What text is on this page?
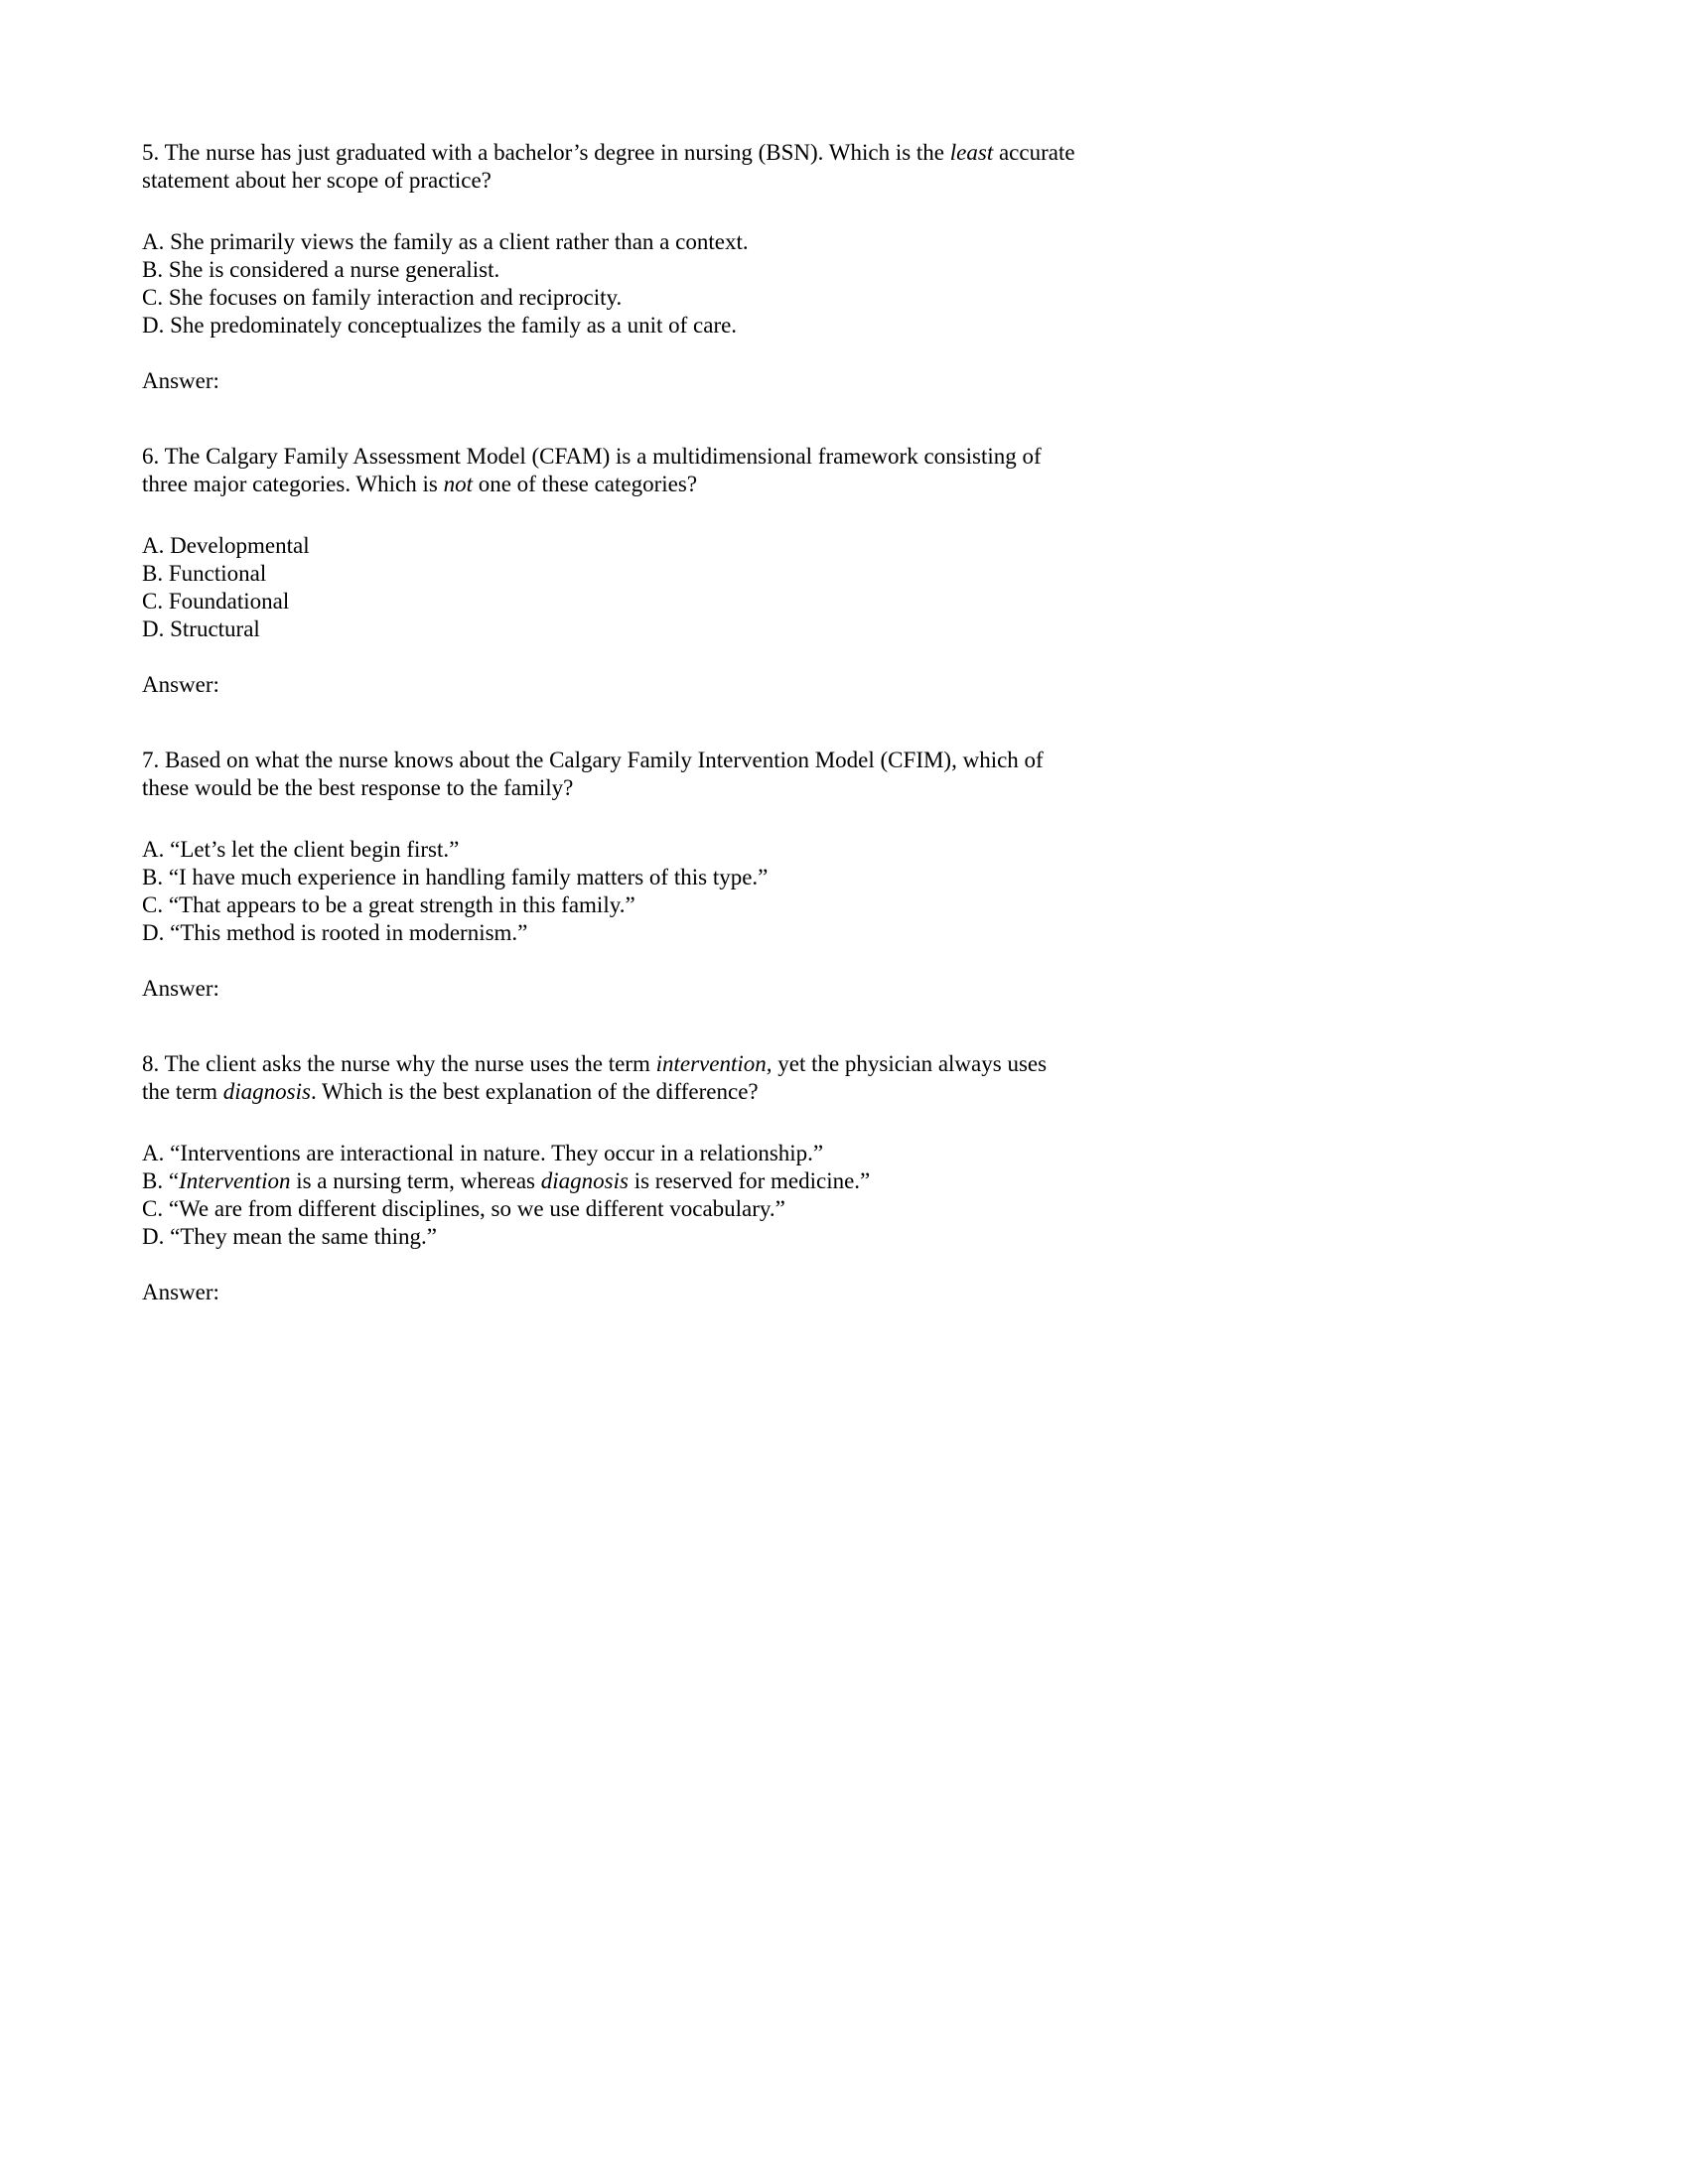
5. The nurse has just graduated with a bachelor’s degree in nursing (BSN). Which is the least accurate statement about her scope of practice?

A. She primarily views the family as a client rather than a context.

B. She is considered a nurse generalist.

C. She focuses on family interaction and reciprocity.

D. She predominately conceptualizes the family as a unit of care.

Answer:

6. The Calgary Family Assessment Model (CFAM) is a multidimensional framework consisting of three major categories. Which is not one of these categories?

A. Developmental

B. Functional

C. Foundational

D. Structural

Answer:

7. Based on what the nurse knows about the Calgary Family Intervention Model (CFIM), which of these would be the best response to the family?

A. “Let’s let the client begin first.”

B. “I have much experience in handling family matters of this type.”

C. “That appears to be a great strength in this family.”

D. “This method is rooted in modernism.”

Answer:

8. The client asks the nurse why the nurse uses the term intervention, yet the physician always uses the term diagnosis. Which is the best explanation of the difference?

A. “Interventions are interactional in nature. They occur in a relationship.”

B. “Intervention is a nursing term, whereas diagnosis is reserved for medicine.”

C. “We are from different disciplines, so we use different vocabulary.”

D. “They mean the same thing.”

Answer:
